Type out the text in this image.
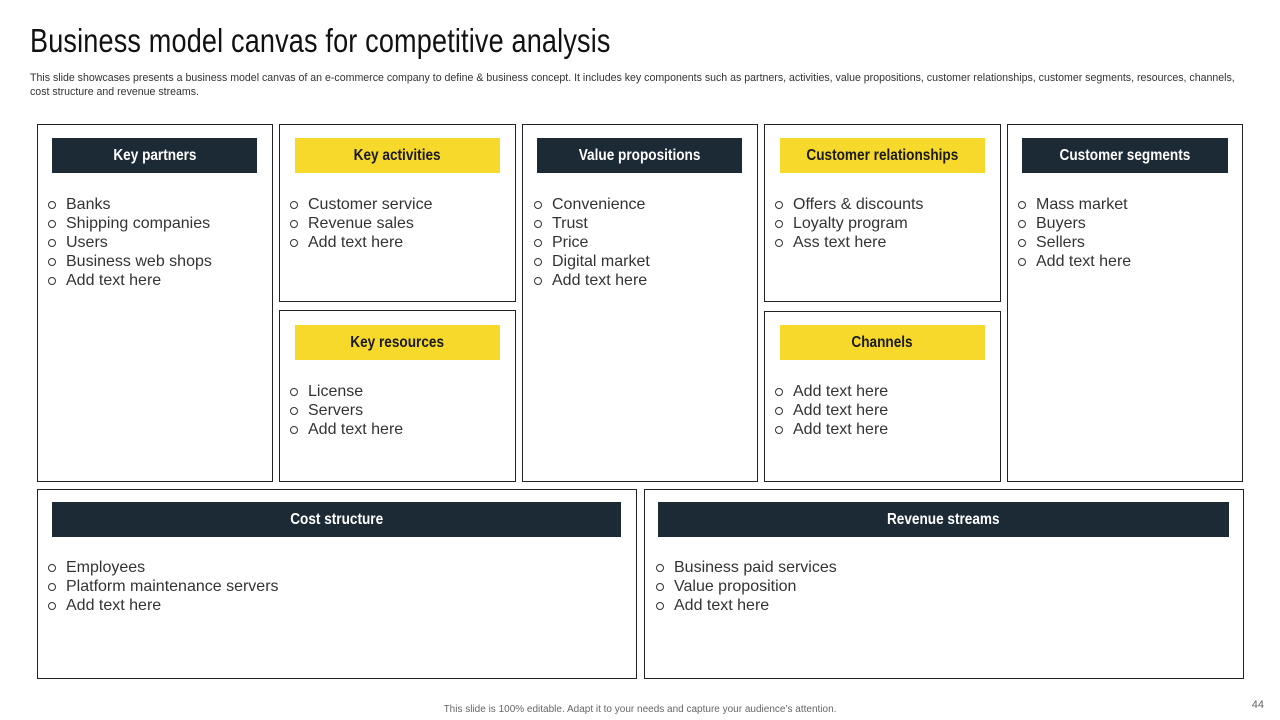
Business model canvas for competitive analysis
This slide showcases presents a business model canvas of an e-commerce company to define & business concept. It includes key components such as partners, activities, value propositions, customer relationships, customer segments, resources, channels, cost structure and revenue streams.
Key partners
Banks
Shipping companies
Users
Business web shops
Add text here
Key activities
Customer service
Revenue sales
Add text here
Key resources
License
Servers
Add text here
Value propositions
Convenience
Trust
Price
Digital market
Add text here
Customer relationships
Offers & discounts
Loyalty program
Ass text here
Channels
Add text here
Add text here
Add text here
Customer segments
Mass market
Buyers
Sellers
Add text here
Cost structure
Employees
Platform maintenance servers
Add text here
Revenue streams
Business paid services
Value proposition
Add text here
This slide is 100% editable. Adapt it to your needs and capture your audience’s attention.	44
